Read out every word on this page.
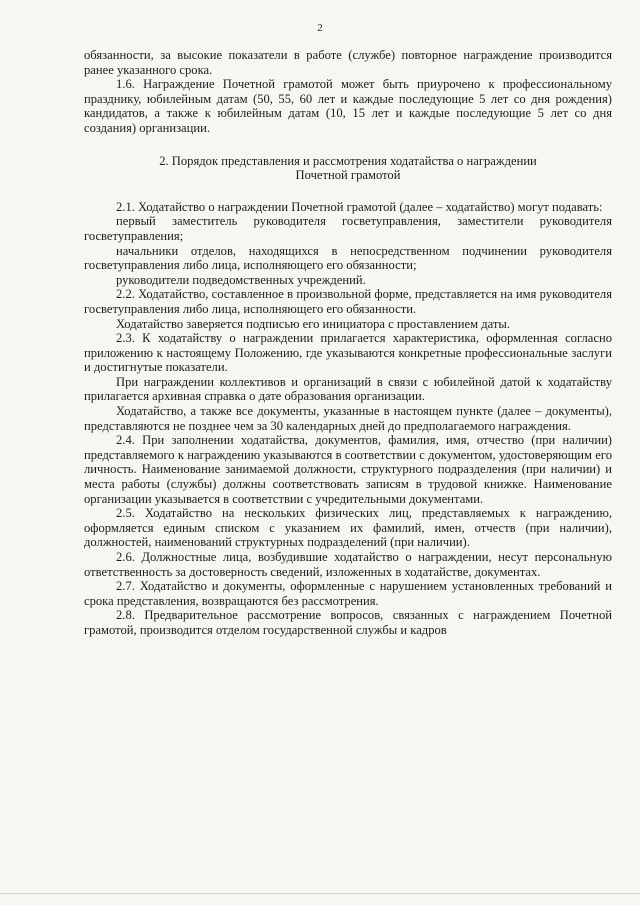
2

обязанности, за высокие показатели в работе (службе) повторное награждение производится ранее указанного срока.

1.6. Награждение Почетной грамотой может быть приурочено к профессиональному празднику, юбилейным датам (50, 55, 60 лет и каждые последующие 5 лет со дня рождения) кандидатов, а также к юбилейным датам (10, 15 лет и каждые последующие 5 лет со дня создания) организации.

2. Порядок представления и рассмотрения ходатайства о награждении
Почетной грамотой

2.1. Ходатайство о награждении Почетной грамотой (далее – ходатайство) могут подавать:

первый заместитель руководителя госветуправления, заместители руководителя госветуправления;

начальники отделов, находящихся в непосредственном подчинении руководителя госветуправления либо лица, исполняющего его обязанности;

руководители подведомственных учреждений.

2.2. Ходатайство, составленное в произвольной форме, представляется на имя руководителя госветуправления либо лица, исполняющего его обязанности.

Ходатайство заверяется подписью его инициатора с проставлением даты.

2.3. К ходатайству о награждении прилагается характеристика, оформленная согласно приложению к настоящему Положению, где указываются конкретные профессиональные заслуги и достигнутые показатели.

При награждении коллективов и организаций в связи с юбилейной датой к ходатайству прилагается архивная справка о дате образования организации.

Ходатайство, а также все документы, указанные в настоящем пункте (далее – документы), представляются не позднее чем за 30 календарных дней до предполагаемого награждения.

2.4. При заполнении ходатайства, документов, фамилия, имя, отчество (при наличии) представляемого к награждению указываются в соответствии с документом, удостоверяющим его личность. Наименование занимаемой должности, структурного подразделения (при наличии) и места работы (службы) должны соответствовать записям в трудовой книжке. Наименование организации указывается в соответствии с учредительными документами.

2.5. Ходатайство на нескольких физических лиц, представляемых к награждению, оформляется единым списком с указанием их фамилий, имен, отчеств (при наличии), должностей, наименований структурных подразделений (при наличии).

2.6. Должностные лица, возбудившие ходатайство о награждении, несут персональную ответственность за достоверность сведений, изложенных в ходатайстве, документах.

2.7. Ходатайство и документы, оформленные с нарушением установленных требований и срока представления, возвращаются без рассмотрения.

2.8. Предварительное рассмотрение вопросов, связанных с награждением Почетной грамотой, производится отделом государственной службы и кадров
